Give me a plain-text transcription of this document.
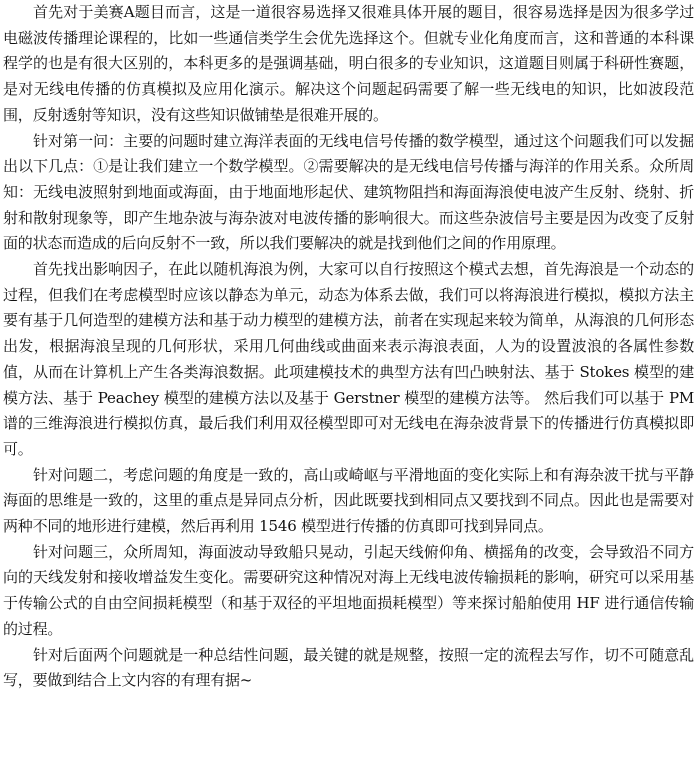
首先对于美赛A题目而言，这是一道很容易选择又很难具体开展的题目，很容易选择是因为很多学过电磁波传播理论课程的，比如一些通信类学生会优先选择这个。但就专业化角度而言，这和普通的本科课程学的也是有很大区别的，本科更多的是强调基础，明白很多的专业知识，这道题目则属于科研性赛题，是对无线电传播的仿真模拟及应用化演示。解决这个问题起码需要了解一些无线电的知识，比如波段范围，反射透射等知识，没有这些知识做铺垫是很难开展的。

针对第一问：主要的问题时建立海洋表面的无线电信号传播的数学模型，通过这个问题我们可以发掘出以下几点：①是让我们建立一个数学模型。②需要解决的是无线电信号传播与海洋的作用关系。众所周知：无线电波照射到地面或海面，由于地面地形起伏、建筑物阻挡和海面海浪使电波产生反射、绕射、折射和散射现象等，即产生地杂波与海杂波对电波传播的影响很大。而这些杂波信号主要是因为改变了反射面的状态而造成的后向反射不一致，所以我们要解决的就是找到他们之间的作用原理。

首先找出影响因子，在此以随机海浪为例，大家可以自行按照这个模式去想，首先海浪是一个动态的过程，但我们在考虑模型时应该以静态为单元，动态为体系去做，我们可以将海浪进行模拟，模拟方法主要有基于几何造型的建模方法和基于动力模型的建模方法，前者在实现起来较为简单，从海浪的几何形态出发，根据海浪呈现的几何形状，采用几何曲线或曲面来表示海浪表面，人为的设置波浪的各属性参数值，从而在计算机上产生各类海浪数据。此项建模技术的典型方法有凹凸映射法、基于 Stokes 模型的建模方法、基于 Peachey 模型的建模方法以及基于 Gerstner 模型的建模方法等。 然后我们可以基于 PM 谱的三维海浪进行模拟仿真，最后我们利用双径模型即可对无线电在海杂波背景下的传播进行仿真模拟即可。

针对问题二，考虑问题的角度是一致的，高山或崎岖与平滑地面的变化实际上和有海杂波干扰与平静海面的思维是一致的，这里的重点是异同点分析，因此既要找到相同点又要找到不同点。因此也是需要对两种不同的地形进行建模，然后再利用 1546 模型进行传播的仿真即可找到异同点。

针对问题三，众所周知，海面波动导致船只晃动，引起天线俯仰角、横摇角的改变，会导致沿不同方向的天线发射和接收增益发生变化。需要研究这种情况对海上无线电波传输损耗的影响，研究可以采用基于传输公式的自由空间损耗模型（和基于双径的平坦地面损耗模型）等来探讨船舶使用 HF 进行通信传输的过程。

针对后面两个问题就是一种总结性问题，最关键的就是规整，按照一定的流程去写作，切不可随意乱写，要做到结合上文内容的有理有据~
